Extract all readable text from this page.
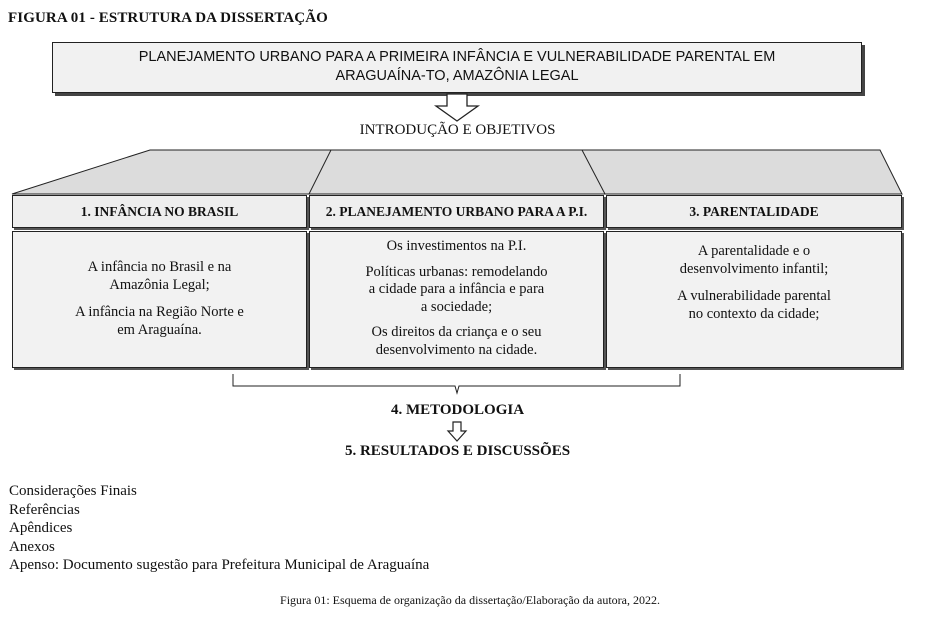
FIGURA 01 - ESTRUTURA DA DISSERTAÇÃO
PLANEJAMENTO URBANO PARA A PRIMEIRA INFÂNCIA E VULNERABILIDADE PARENTAL EM
ARAGUAÍNA-TO, AMAZÔNIA LEGAL
INTRODUÇÃO E OBJETIVOS
1. INFÂNCIA NO BRASIL	2. PLANEJAMENTO URBANO PARA A P.I.	3. PARENTALIDADE

A infância no Brasil e na
Amazônia Legal;

A infância na Região Norte e
em Araguaína.

Os investimentos na P.I.

Políticas urbanas: remodelando
a cidade para a infância e para
a sociedade;

Os direitos da criança e o seu
desenvolvimento na cidade.

A parentalidade e o
desenvolvimento infantil;

A vulnerabilidade parental
no contexto da cidade;

4. METODOLOGIA
5. RESULTADOS E DISCUSSÕES
Considerações Finais
Referências
Apêndices
Anexos
Apenso: Documento sugestão para Prefeitura Municipal de Araguaína
Figura 01: Esquema de organização da dissertação/Elaboração da autora, 2022.
